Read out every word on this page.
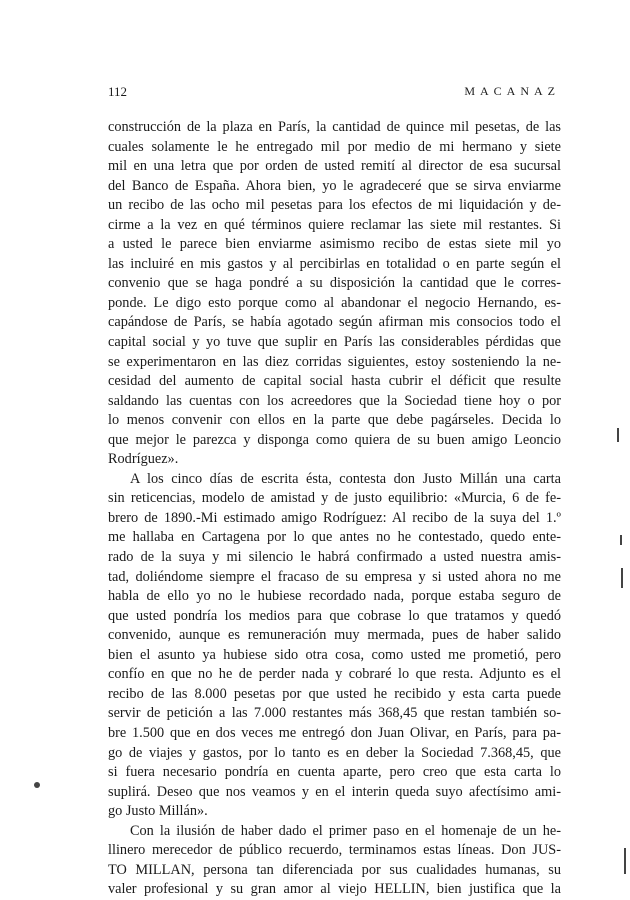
112	MACANAZ

construcción de la plaza en París, la cantidad de quince mil pesetas, de las
cuales solamente le he entregado mil por medio de mi hermano y siete
mil en una letra que por orden de usted remití al director de esa sucursal
del Banco de España. Ahora bien, yo le agradeceré que se sirva enviarme
un recibo de las ocho mil pesetas para los efectos de mi liquidación y de-
cirme a la vez en qué términos quiere reclamar las siete mil restantes. Si
a usted le parece bien enviarme asimismo recibo de estas siete mil yo
las incluiré en mis gastos y al percibirlas en totalidad o en parte según el
convenio que se haga pondré a su disposición la cantidad que le corres-
ponde. Le digo esto porque como al abandonar el negocio Hernando, es-
capándose de París, se había agotado según afirman mis consocios todo el
capital social y yo tuve que suplir en París las considerables pérdidas que
se experimentaron en las diez corridas siguientes, estoy sosteniendo la ne-
cesidad del aumento de capital social hasta cubrir el déficit que resulte
saldando las cuentas con los acreedores que la Sociedad tiene hoy o por
lo menos convenir con ellos en la parte que debe pagárseles. Decida lo
que mejor le parezca y disponga como quiera de su buen amigo Leoncio
Rodríguez».

A los cinco días de escrita ésta, contesta don Justo Millán una carta
sin reticencias, modelo de amistad y de justo equilibrio: «Murcia, 6 de fe-
brero de 1890.-Mi estimado amigo Rodríguez: Al recibo de la suya del 1.º
me hallaba en Cartagena por lo que antes no he contestado, quedo ente-
rado de la suya y mi silencio le habrá confirmado a usted nuestra amis-
tad, doliéndome siempre el fracaso de su empresa y si usted ahora no me
habla de ello yo no le hubiese recordado nada, porque estaba seguro de
que usted pondría los medios para que cobrase lo que tratamos y quedó
convenido, aunque es remuneración muy mermada, pues de haber salido
bien el asunto ya hubiese sido otra cosa, como usted me prometió, pero
confío en que no he de perder nada y cobraré lo que resta. Adjunto es el
recibo de las 8.000 pesetas por que usted he recibido y esta carta puede
servir de petición a las 7.000 restantes más 368,45 que restan también so-
bre 1.500 que en dos veces me entregó don Juan Olivar, en París, para pa-
go de viajes y gastos, por lo tanto es en deber la Sociedad 7.368,45, que
si fuera necesario pondría en cuenta aparte, pero creo que esta carta lo
suplirá. Deseo que nos veamos y en el interin queda suyo afectísimo ami-
go Justo Millán».

Con la ilusión de haber dado el primer paso en el homenaje de un he-
llinero merecedor de público recuerdo, terminamos estas líneas. Don JUS-
TO MILLAN, persona tan diferenciada por sus cualidades humanas, su
valer profesional y su gran amor al viejo HELLIN, bien justifica que la
